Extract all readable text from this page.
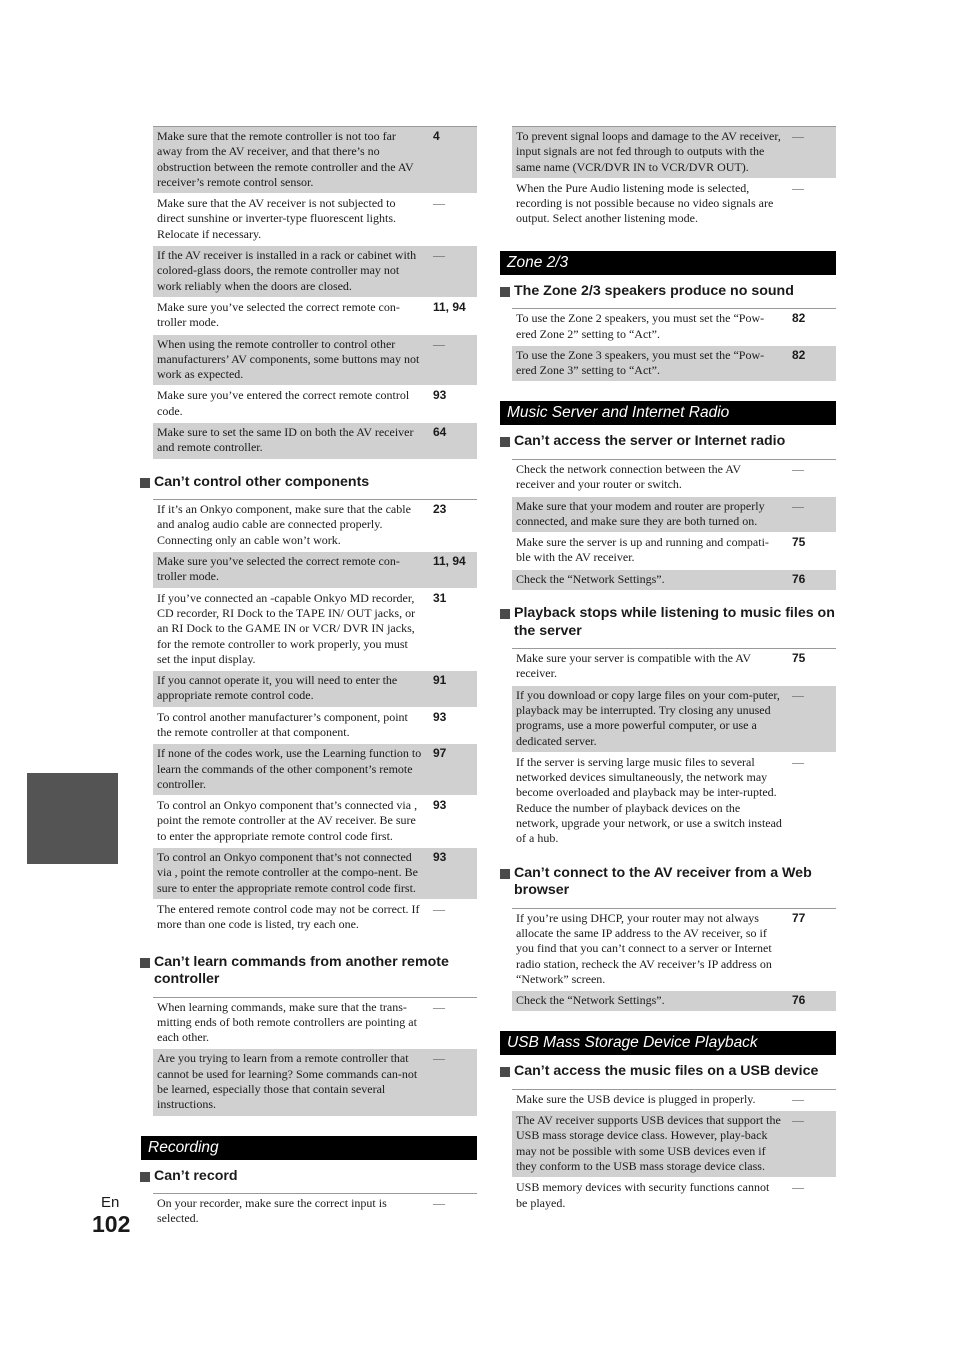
Make sure that the remote controller is not too far away from the AV receiver, and that there’s no obstruction between the remote controller and the AV receiver’s remote control sensor.
4
Make sure that the AV receiver is not subjected to direct sunshine or inverter-type fluorescent lights. Relocate if necessary.
—
If the AV receiver is installed in a rack or cabinet with colored-glass doors, the remote controller may not work reliably when the doors are closed.
—
Make sure you’ve selected the correct remote con-troller mode.
11, 94
When using the remote controller to control other manufacturers’ AV components, some buttons may not work as expected.
—
Make sure you’ve entered the correct remote control code.
93
Make sure to set the same ID on both the AV receiver and remote controller.
64
Can’t control other components
If it’s an Onkyo component, make sure that the cable and analog audio cable are connected properly. Connecting only an cable won’t work.
23
Make sure you’ve selected the correct remote con-troller mode.
11, 94
If you’ve connected an -capable Onkyo MD recorder, CD recorder, RI Dock to the TAPE IN/ OUT jacks, or an RI Dock to the GAME IN or VCR/ DVR IN jacks, for the remote controller to work properly, you must set the input display.
31
If you cannot operate it, you will need to enter the appropriate remote control code.
91
To control another manufacturer’s component, point the remote controller at that component.
93
If none of the codes work, use the Learning function to learn the commands of the other component’s remote controller.
97
To control an Onkyo component that’s connected via , point the remote controller at the AV receiver. Be sure to enter the appropriate remote control code first.
93
To control an Onkyo component that’s not connected via , point the remote controller at the compo-nent. Be sure to enter the appropriate remote control code first.
93
The entered remote control code may not be correct. If more than one code is listed, try each one.
—
Can’t learn commands from another remote controller
When learning commands, make sure that the trans-mitting ends of both remote controllers are pointing at each other.
—
Are you trying to learn from a remote controller that cannot be used for learning? Some commands can-not be learned, especially those that contain several instructions.
—
Recording
Can’t record
On your recorder, make sure the correct input is selected.
—
To prevent signal loops and damage to the AV receiver, input signals are not fed through to outputs with the same name (VCR/DVR IN to VCR/DVR OUT).
—
When the Pure Audio listening mode is selected, recording is not possible because no video signals are output. Select another listening mode.
—
Zone 2/3
The Zone 2/3 speakers produce no sound
To use the Zone 2 speakers, you must set the “Pow-ered Zone 2” setting to “Act”.
82
To use the Zone 3 speakers, you must set the “Pow-ered Zone 3” setting to “Act”.
82
Music Server and Internet Radio
Can’t access the server or Internet radio
Check the network connection between the AV receiver and your router or switch.
—
Make sure that your modem and router are properly connected, and make sure they are both turned on.
—
Make sure the server is up and running and compati-ble with the AV receiver.
75
Check the “Network Settings”.	76
Playback stops while listening to music files on the server
Make sure your server is compatible with the AV receiver.
75
If you download or copy large files on your com-puter, playback may be interrupted. Try closing any unused programs, use a more powerful computer, or use a dedicated server.
—
If the server is serving large music files to several networked devices simultaneously, the network may become overloaded and playback may be inter-rupted. Reduce the number of playback devices on the network, upgrade your network, or use a switch instead of a hub.
—
Can’t connect to the AV receiver from a Web browser
If you’re using DHCP, your router may not always allocate the same IP address to the AV receiver, so if you find that you can’t connect to a server or Internet radio station, recheck the AV receiver’s IP address on “Network” screen.
77
Check the “Network Settings”.	76
USB Mass Storage Device Playback
Can’t access the music files on a USB device
Make sure the USB device is plugged in properly.	—
The AV receiver supports USB devices that support the USB mass storage device class. However, play-back may not be possible with some USB devices even if they conform to the USB mass storage device class.
—
USB memory devices with security functions cannot be played.
—
En
102
